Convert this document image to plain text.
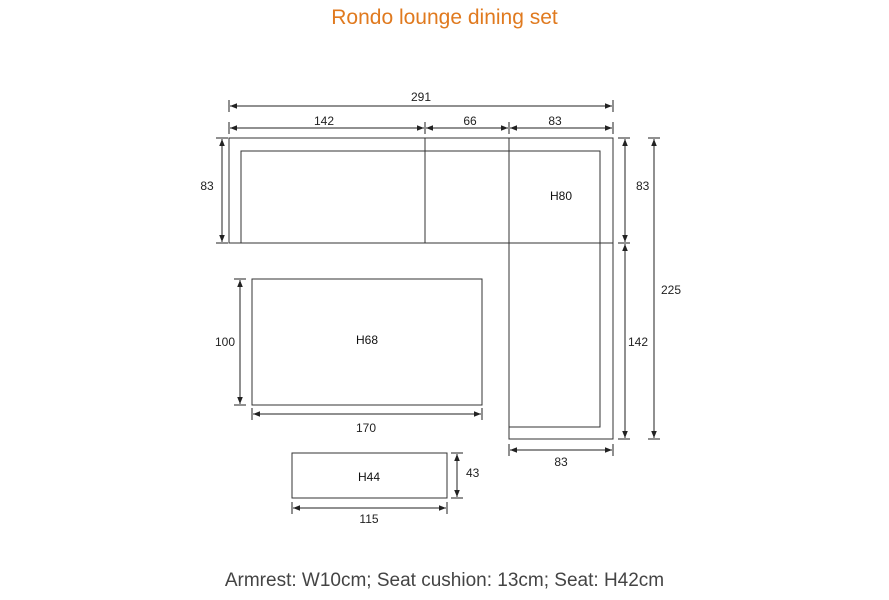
Rondo lounge dining set
H80
H68
H44
291
142	66	83
83	83
142
225
83
100
170
43
115
Armrest: W10cm; Seat cushion: 13cm; Seat: H42cm
